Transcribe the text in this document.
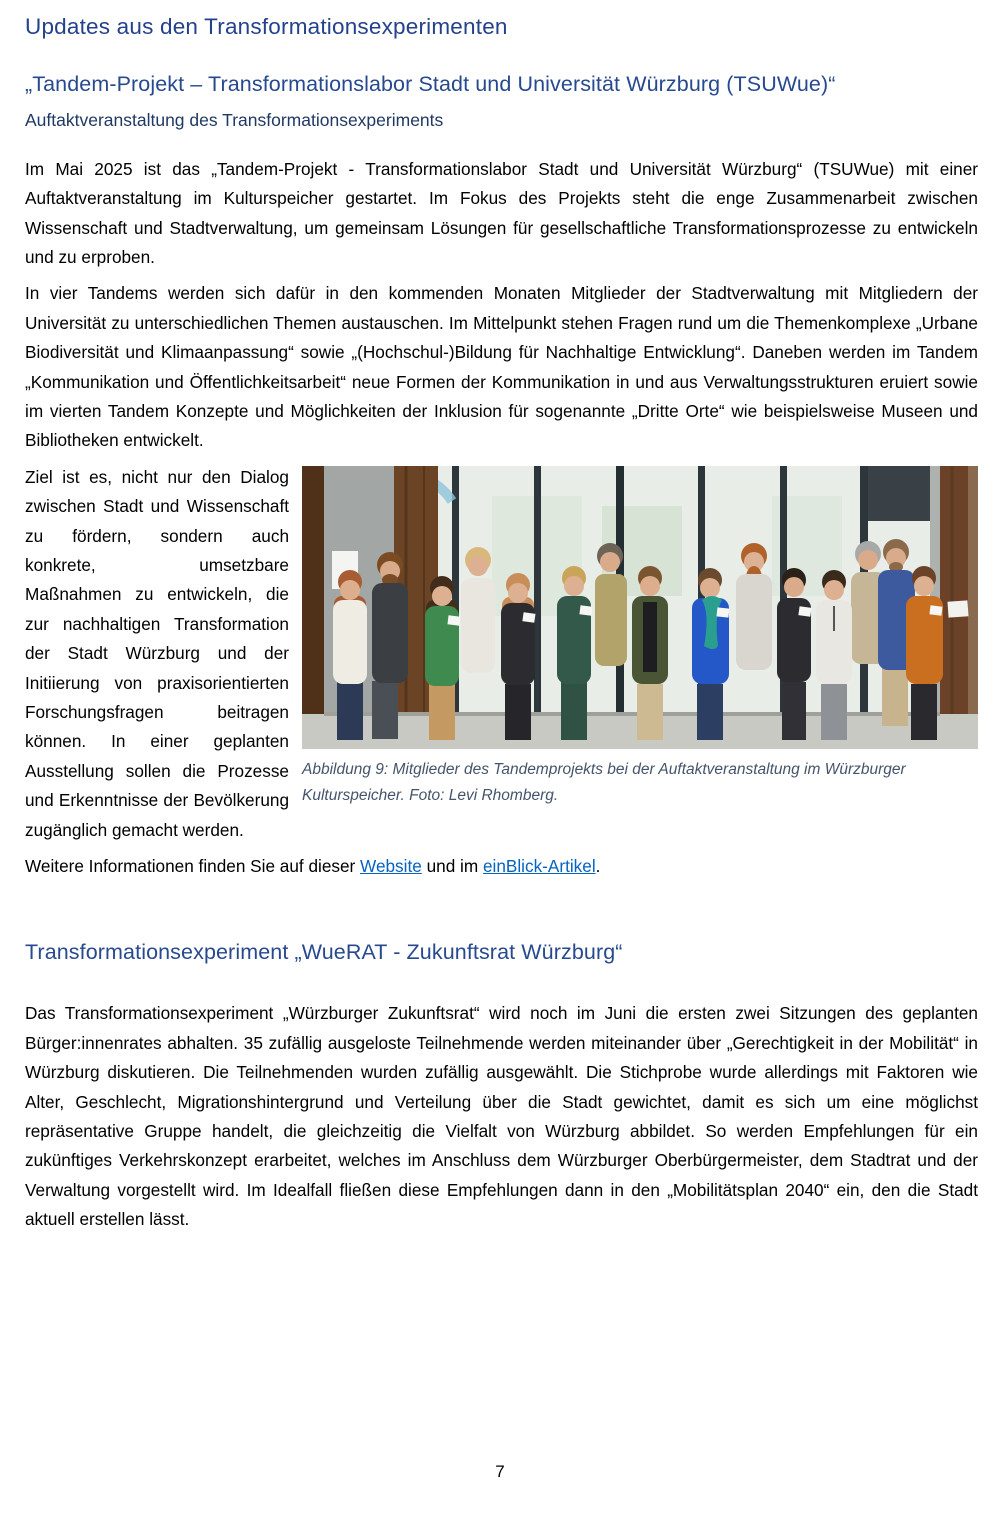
Updates aus den Transformationsexperimenten
„Tandem-Projekt – Transformationslabor Stadt und Universität Würzburg (TSUWue)“
Auftaktveranstaltung des Transformationsexperiments

Im Mai 2025 ist das „Tandem-Projekt - Transformationslabor Stadt und Universität Würzburg“ (TSUWue) mit einer Auftaktveranstaltung im Kulturspeicher gestartet. Im Fokus des Projekts steht die enge Zusammenarbeit zwischen Wissenschaft und Stadtverwaltung, um gemeinsam Lösungen für gesellschaftliche Transformationsprozesse zu entwickeln und zu erproben.

In vier Tandems werden sich dafür in den kommenden Monaten Mitglieder der Stadtverwaltung mit Mitgliedern der Universität zu unterschiedlichen Themen austauschen. Im Mittelpunkt stehen Fragen rund um die Themenkomplexe „Urbane Biodiversität und Klimaanpassung“ sowie „(Hochschul-)Bildung für Nachhaltige Entwicklung“. Daneben werden im Tandem „Kommunikation und Öffentlichkeitsarbeit“ neue Formen der Kommunikation in und aus Verwaltungsstrukturen eruiert sowie im vierten Tandem Konzepte und Möglichkeiten der Inklusion für sogenannte „Dritte Orte“ wie beispielsweise Museen und Bibliotheken entwickelt.

Abbildung 9: Mitglieder des Tandemprojekts bei der Auftaktveranstaltung im Würzburger Kulturspeicher. Foto: Levi Rhomberg.

Ziel ist es, nicht nur den Dialog zwischen Stadt und Wissenschaft zu fördern, sondern auch konkrete, umsetzbare Maßnahmen zu entwickeln, die zur nachhaltigen Transformation der Stadt Würzburg und der Initiierung von praxisorientierten Forschungsfragen beitragen können. In einer geplanten Ausstellung sollen die Prozesse und Erkenntnisse der Bevölkerung zugänglich gemacht werden.

Weitere Informationen finden Sie auf dieser Website und im einBlick-Artikel.

Transformationsexperiment „WueRAT - Zukunftsrat Würzburg“

Das Transformationsexperiment „Würzburger Zukunftsrat“ wird noch im Juni die ersten zwei Sitzungen des geplanten Bürger:innenrates abhalten. 35 zufällig ausgeloste Teilnehmende werden miteinander über „Gerechtigkeit in der Mobilität“ in Würzburg diskutieren. Die Teilnehmenden wurden zufällig ausgewählt. Die Stichprobe wurde allerdings mit Faktoren wie Alter, Geschlecht, Migrationshintergrund und Verteilung über die Stadt gewichtet, damit es sich um eine möglichst repräsentative Gruppe handelt, die gleichzeitig die Vielfalt von Würzburg abbildet. So werden Empfehlungen für ein zukünftiges Verkehrskonzept erarbeitet, welches im Anschluss dem Würzburger Oberbürgermeister, dem Stadtrat und der Verwaltung vorgestellt wird. Im Idealfall fließen diese Empfehlungen dann in den „Mobilitätsplan 2040“ ein, den die Stadt aktuell erstellen lässt.

7
